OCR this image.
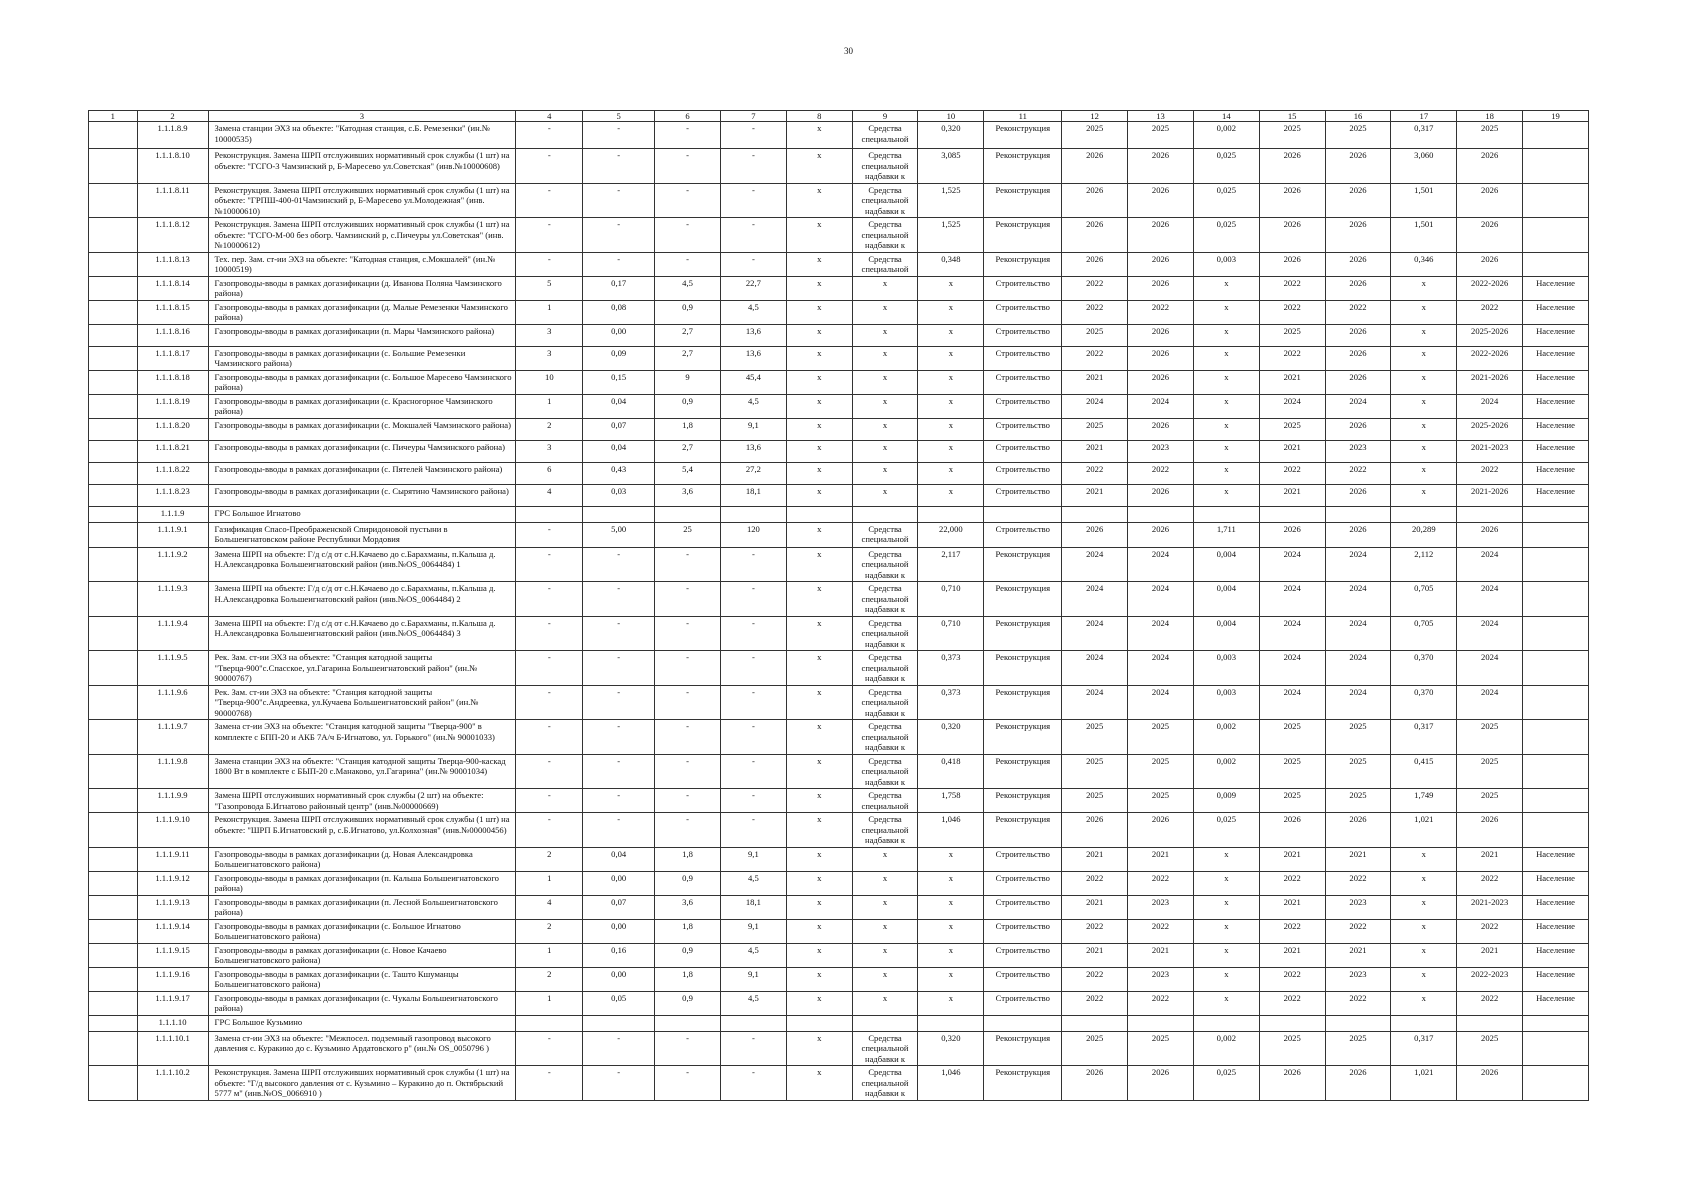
30
1	2	3	4	5	6	7	8	9	10	11	12	13	14	15	16	17	18	19
	1.1.1.8.9	Замена станции ЭХЗ на объекте: "Катодная станция, с.Б. Ремезенки" (ин.№ 10000535)	-	-	-	-	x	Средства специальной	0,320	Реконструкция	2025	2025	0,002	2025	2025	0,317	2025	
	1.1.1.8.10	Реконструкция. Замена ШРП отслуживших нормативный срок службы (1 шт) на объекте: "ГСГО-3 Чамзинский р, Б-Маресево ул.Советская" (инв.№10000608)	-	-	-	-	x	Средства специальной надбавки к	3,085	Реконструкция	2026	2026	0,025	2026	2026	3,060	2026	
	1.1.1.8.11	Реконструкция. Замена ШРП отслуживших нормативный срок службы (1 шт) на объекте: "ГРПШ-400-01Чамзинский р, Б-Маресево ул.Молодежная" (инв.№10000610)	-	-	-	-	x	Средства специальной надбавки к	1,525	Реконструкция	2026	2026	0,025	2026	2026	1,501	2026	
	1.1.1.8.12	Реконструкция. Замена ШРП отслуживших нормативный срок службы (1 шт) на объекте: "ГСГО-М-00 без обогр. Чамзинский р, с.Пичеуры ул.Советская" (инв.№10000612)	-	-	-	-	x	Средства специальной надбавки к	1,525	Реконструкция	2026	2026	0,025	2026	2026	1,501	2026	
	1.1.1.8.13	Тех. пер. Зам. ст-ии ЭХЗ на объекте: "Катодная станция, с.Мокшалей" (ин.№ 10000519)	-	-	-	-	x	Средства специальной	0,348	Реконструкция	2026	2026	0,003	2026	2026	0,346	2026	
	1.1.1.8.14	Газопроводы-вводы в рамках догазификации (д. Иванова Поляна Чамзинского района)	5	0,17	4,5	22,7	x	x	x	Строительство	2022	2026	x	2022	2026	x	2022-2026	Население
	1.1.1.8.15	Газопроводы-вводы в рамках догазификации (д. Малые Ремезенки Чамзинского района)	1	0,08	0,9	4,5	x	x	x	Строительство	2022	2022	x	2022	2022	x	2022	Население
	1.1.1.8.16	Газопроводы-вводы в рамках догазификации (п. Мары Чамзинского района)	3	0,00	2,7	13,6	x	x	x	Строительство	2025	2026	x	2025	2026	x	2025-2026	Население
	1.1.1.8.17	Газопроводы-вводы в рамках догазификации (с. Большие Ремезенки Чамзинского района)	3	0,09	2,7	13,6	x	x	x	Строительство	2022	2026	x	2022	2026	x	2022-2026	Население
	1.1.1.8.18	Газопроводы-вводы в рамках догазификации (с. Большое Маресево Чамзинского района)	10	0,15	9	45,4	x	x	x	Строительство	2021	2026	x	2021	2026	x	2021-2026	Население
	1.1.1.8.19	Газопроводы-вводы в рамках догазификации (с. Красногорное Чамзинского района)	1	0,04	0,9	4,5	x	x	x	Строительство	2024	2024	x	2024	2024	x	2024	Население
	1.1.1.8.20	Газопроводы-вводы в рамках догазификации (с. Мокшалей Чамзинского района)	2	0,07	1,8	9,1	x	x	x	Строительство	2025	2026	x	2025	2026	x	2025-2026	Население
	1.1.1.8.21	Газопроводы-вводы в рамках догазификации (с. Пичеуры Чамзинского района)	3	0,04	2,7	13,6	x	x	x	Строительство	2021	2023	x	2021	2023	x	2021-2023	Население
	1.1.1.8.22	Газопроводы-вводы в рамках догазификации (с. Пятелей Чамзинского района)	6	0,43	5,4	27,2	x	x	x	Строительство	2022	2022	x	2022	2022	x	2022	Население
	1.1.1.8.23	Газопроводы-вводы в рамках догазификации (с. Сырятино Чамзинского района)	4	0,03	3,6	18,1	x	x	x	Строительство	2021	2026	x	2021	2026	x	2021-2026	Население
	1.1.1.9	ГРС Большое Игнатово																
	1.1.1.9.1	Газификация Спасо-Преображенской Спиридоновой пустыни в Большеигнатовском районе Республики Мордовия	-	5,00	25	120	x	Средства специальной	22,000	Строительство	2026	2026	1,711	2026	2026	20,289	2026	
	1.1.1.9.2	Замена ШРП на объекте: Г/д с/д от с.Н.Качаево до с.Барахманы, п.Кальша д. Н.Александровка Большеигнатовский район (инв.№OS_0064484) 1	-	-	-	-	x	Средства специальной надбавки к	2,117	Реконструкция	2024	2024	0,004	2024	2024	2,112	2024	
	1.1.1.9.3	Замена ШРП на объекте: Г/д с/д от с.Н.Качаево до с.Барахманы, п.Кальша д. Н.Александровка Большеигнатовский район (инв.№OS_0064484) 2	-	-	-	-	x	Средства специальной надбавки к	0,710	Реконструкция	2024	2024	0,004	2024	2024	0,705	2024	
	1.1.1.9.4	Замена ШРП на объекте: Г/д с/д от с.Н.Качаево до с.Барахманы, п.Кальша д. Н.Александровка Большеигнатовский район (инв.№OS_0064484) 3	-	-	-	-	x	Средства специальной надбавки к	0,710	Реконструкция	2024	2024	0,004	2024	2024	0,705	2024	
	1.1.1.9.5	Рек. Зам. ст-ии ЭХЗ на объекте: "Станция катодной защиты "Тверца-900"с.Спасское, ул.Гагарина Большеигнатовский район" (ин.№ 90000767)	-	-	-	-	x	Средства специальной надбавки к	0,373	Реконструкция	2024	2024	0,003	2024	2024	0,370	2024	
	1.1.1.9.6	Рек. Зам. ст-ии ЭХЗ на объекте: "Станция катодной защиты "Тверца-900"с.Андреевка, ул.Кучаева Большеигнатовский район" (ин.№ 90000768)	-	-	-	-	x	Средства специальной надбавки к	0,373	Реконструкция	2024	2024	0,003	2024	2024	0,370	2024	
	1.1.1.9.7	Замена ст-ии ЭХЗ на объекте: "Станция катодной защиты "Тверца-900" в комплекте с БПП-20 и АКБ 7А/ч Б-Игнатово, ул. Горького" (ин.№ 90001033)	-	-	-	-	x	Средства специальной надбавки к	0,320	Реконструкция	2025	2025	0,002	2025	2025	0,317	2025	
	1.1.1.9.8	Замена станции ЭХЗ на объекте: "Станция катодной защиты Тверца-900-каскад 1800 Вт в комплекте с БЫП-20 с.Манаково, ул.Гагарина" (ин.№ 90001034)	-	-	-	-	x	Средства специальной надбавки к	0,418	Реконструкция	2025	2025	0,002	2025	2025	0,415	2025	
	1.1.1.9.9	Замена ШРП отслуживших нормативный срок службы (2 шт) на объекте: "Газопровода Б.Игнатово районный центр" (инв.№00000669)	-	-	-	-	x	Средства специальной	1,758	Реконструкция	2025	2025	0,009	2025	2025	1,749	2025	
	1.1.1.9.10	Реконструкция. Замена ШРП отслуживших нормативный срок службы (1 шт) на объекте: "ШРП Б.Игнатовский р, с.Б.Игнатово, ул.Колхозная" (инв.№00000456)	-	-	-	-	x	Средства специальной надбавки к	1,046	Реконструкция	2026	2026	0,025	2026	2026	1,021	2026	
	1.1.1.9.11	Газопроводы-вводы в рамках догазификации (д. Новая Александровка Большеигнатовского района)	2	0,04	1,8	9,1	x	x	x	Строительство	2021	2021	x	2021	2021	x	2021	Население
	1.1.1.9.12	Газопроводы-вводы в рамках догазификации (п. Кальша Большеигнатовского района)	1	0,00	0,9	4,5	x	x	x	Строительство	2022	2022	x	2022	2022	x	2022	Население
	1.1.1.9.13	Газопроводы-вводы в рамках догазификации (п. Лесной Большеигнатовского района)	4	0,07	3,6	18,1	x	x	x	Строительство	2021	2023	x	2021	2023	x	2021-2023	Население
	1.1.1.9.14	Газопроводы-вводы в рамках догазификации (с. Большое Игнатово Большеигнатовского района)	2	0,00	1,8	9,1	x	x	x	Строительство	2022	2022	x	2022	2022	x	2022	Население
	1.1.1.9.15	Газопроводы-вводы в рамках догазификации (с. Новое Качаево Большеигнатовского района)	1	0,16	0,9	4,5	x	x	x	Строительство	2021	2021	x	2021	2021	x	2021	Население
	1.1.1.9.16	Газопроводы-вводы в рамках догазификации (с. Ташто Кшуманцы Большеигнатовского района)	2	0,00	1,8	9,1	x	x	x	Строительство	2022	2023	x	2022	2023	x	2022-2023	Население
	1.1.1.9.17	Газопроводы-вводы в рамках догазификации (с. Чукалы Большеигнатовского района)	1	0,05	0,9	4,5	x	x	x	Строительство	2022	2022	x	2022	2022	x	2022	Население
	1.1.1.10	ГРС Большое Кузьмино																
	1.1.1.10.1	Замена ст-ии ЭХЗ на объекте: "Межпосел. подземный газопровод высокого давления с. Куракино до с. Кузьмино Ардатовского р" (ин.№ OS_0050796 )	-	-	-	-	x	Средства специальной надбавки к	0,320	Реконструкция	2025	2025	0,002	2025	2025	0,317	2025	
	1.1.1.10.2	Реконструкция. Замена ШРП отслуживших нормативный срок службы (1 шт) на объекте: "Г/д высокого давления от с. Кузьмино – Куракино до п. Октябрьский 5777 м" (инв.№OS_0066910 )	-	-	-	-	x	Средства специальной надбавки к	1,046	Реконструкция	2026	2026	0,025	2026	2026	1,021	2026	
